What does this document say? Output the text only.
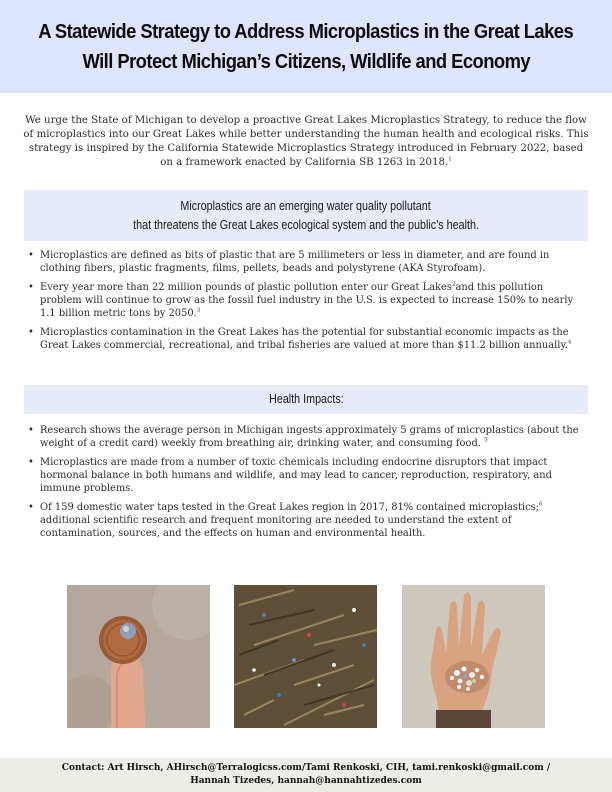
A Statewide Strategy to Address Microplastics in the Great Lakes
Will Protect Michigan’s Citizens, Wildlife and Economy

We urge the State of Michigan to develop a proactive Great Lakes Microplastics Strategy, to reduce the flow of microplastics into our Great Lakes while better understanding the human health and ecological risks. This strategy is inspired by the California Statewide Microplastics Strategy introduced in February 2022, based on a framework enacted by California SB 1263 in 2018.$^1$

Microplastics are an emerging water quality pollutant
that threatens the Great Lakes ecological system and the public’s health.
• Microplastics are defined as bits of plastic that are 5 millimeters or less in diameter, and are found in clothing fibers, plastic fragments, films, pellets, beads and polystyrene (AKA Styrofoam).
• Every year more than 22 million pounds of plastic pollution enter our Great Lakes$^2$and this pollution problem will continue to grow as the fossil fuel industry in the U.S. is expected to increase 150% to nearly 1.1 billion metric tons by 2050.$^3$
• Microplastics contamination in the Great Lakes has the potential for substantial economic impacts as the Great Lakes commercial, recreational, and tribal fisheries are valued at more than $11.2 billion annually.$^4$
Health Impacts:
• Research shows the average person in Michigan ingests approximately 5 grams of microplastics (about the weight of a credit card) weekly from breathing air, drinking water, and consuming food. $^5$
• Microplastics are made from a number of toxic chemicals including endocrine disruptors that impact hormonal balance in both humans and wildlife, and may lead to cancer, reproduction, respiratory, and immune problems.
• Of 159 domestic water taps tested in the Great Lakes region in 2017, 81% contained microplastics;$^6$ additional scientific research and frequent monitoring are needed to understand the extent of contamination, sources, and the effects on human and environmental health.
Contact: Art Hirsch, AHirsch@Terralogicss.com/Tami Renkoski, CIH, tami.renkoski@gmail.com /
Hannah Tizedes, hannah@hannahtizedes.com
